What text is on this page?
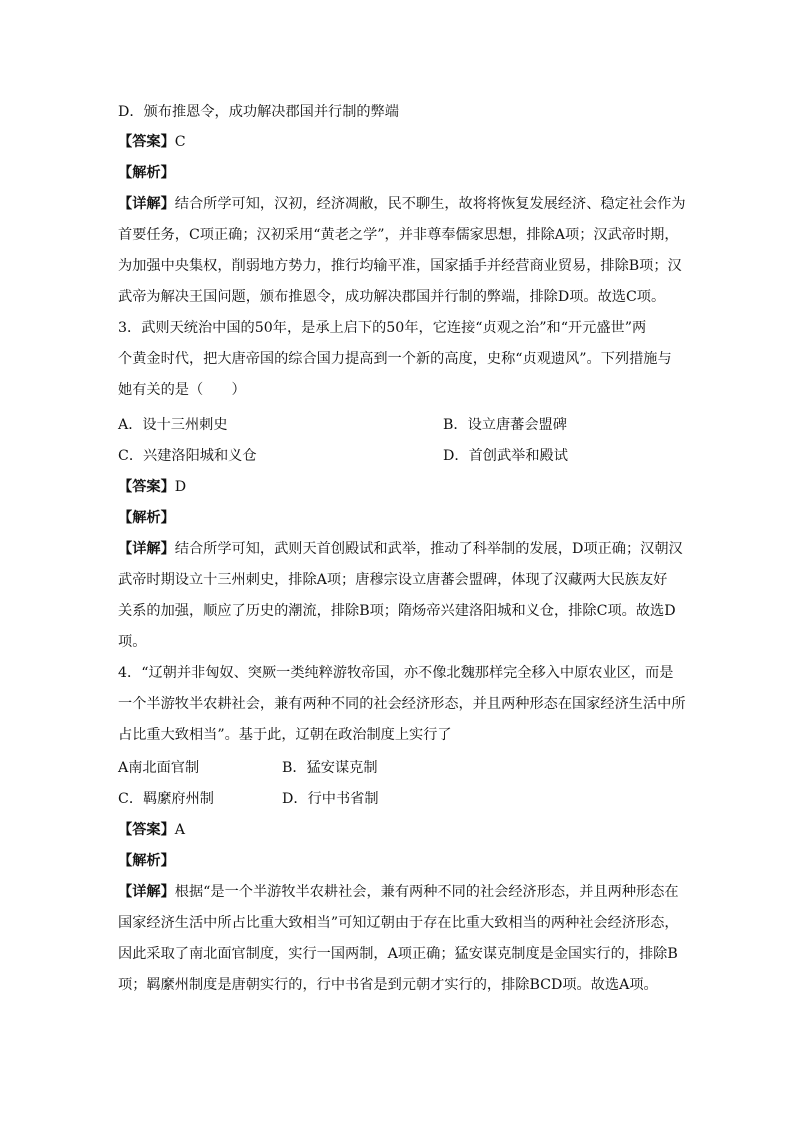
D．颁布推恩令，成功解决郡国并行制的弊端
【答案】C
【解析】
【详解】结合所学可知，汉初，经济凋敝，民不聊生，故将将恢复发展经济、稳定社会作为
首要任务，C项正确；汉初采用“黄老之学”，并非尊奉儒家思想，排除A项；汉武帝时期，
为加强中央集权，削弱地方势力，推行均输平准，国家插手并经营商业贸易，排除B项；汉
武帝为解决王国问题，颁布推恩令，成功解决郡国并行制的弊端，排除D项。故选C项。
3．武则天统治中国的50年，是承上启下的50年，它连接“贞观之治”和“开元盛世”两
个黄金时代，把大唐帝国的综合国力提高到一个新的高度，史称“贞观遗风”。下列措施与
她有关的是（　　）
A．设十三州刺史	B．设立唐蕃会盟碑
C．兴建洛阳城和义仓	D．首创武举和殿试
【答案】D
【解析】
【详解】结合所学可知，武则天首创殿试和武举，推动了科举制的发展，D项正确；汉朝汉
武帝时期设立十三州刺史，排除A项；唐穆宗设立唐蕃会盟碑，体现了汉藏两大民族友好
关系的加强，顺应了历史的潮流，排除B项；隋炀帝兴建洛阳城和义仓，排除C项。故选D
项。
4．“辽朝并非匈奴、突厥一类纯粹游牧帝国，亦不像北魏那样完全移入中原农业区，而是
一个半游牧半农耕社会，兼有两种不同的社会经济形态，并且两种形态在国家经济生活中所
占比重大致相当”。基于此，辽朝在政治制度上实行了
A南北面官制	B．猛安谋克制
C．羁縻府州制	D．行中书省制
【答案】A
【解析】
【详解】根据“是一个半游牧半农耕社会，兼有两种不同的社会经济形态，并且两种形态在
国家经济生活中所占比重大致相当”可知辽朝由于存在比重大致相当的两种社会经济形态，
因此采取了南北面官制度，实行一国两制，A项正确；猛安谋克制度是金国实行的，排除B
项；羁縻州制度是唐朝实行的，行中书省是到元朝才实行的，排除BCD项。故选A项。
